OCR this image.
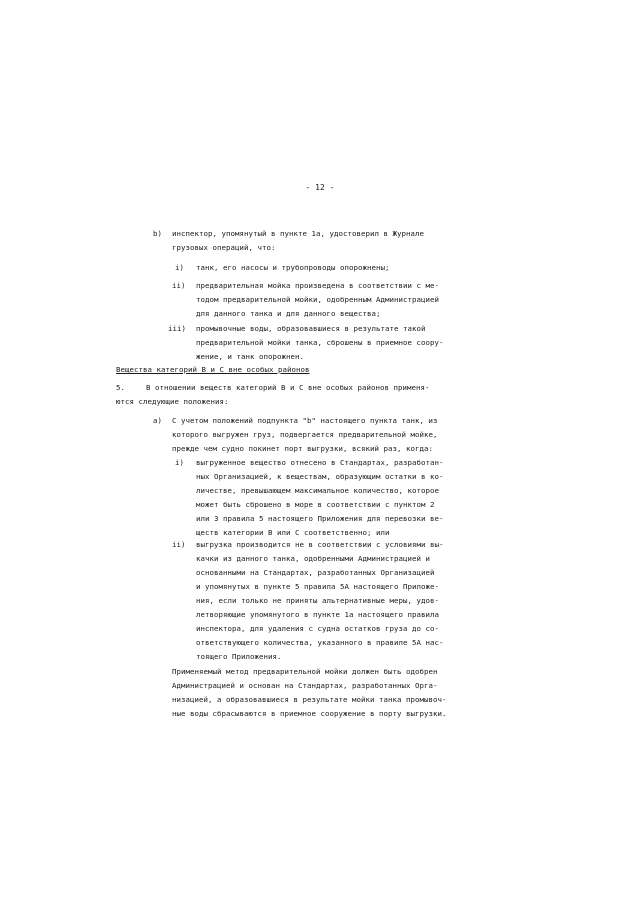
- 12 -
b) инспектор, упомянутый в пункте 1а, удостоверил в Журнале
грузовых операций, что:
i) танк, его насосы и трубопроводы опорожнены;
ii) предварительная мойка произведена в соответствии с ме-
тодом предварительной мойки, одобренным Администрацией
для данного танка и для данного вещества;
iii) промывочные воды, образовавшиеся в результате такой
предварительной мойки танка, сброшены в приемное соору-
жение, и танк опорожнен.
Вещества категорий B и C вне особых районов
5.	В отношении веществ категорий B и C вне особых районов применя-
ются следующие положения:
a) С учетом положений подпункта "b" настоящего пункта танк, из
которого выгружен груз, подвергается предварительной мойке,
прежде чем судно покинет порт выгрузки, всякий раз, когда:
i) выгруженное вещество отнесено в Стандартах, разработан-
ных Организацией, к веществам, образующим остатки в ко-
личестве, превышающем максимальное количество, которое
может быть сброшено в море в соответствии с пунктом 2
или 3 правила 5 настоящего Приложения для перевозки ве-
ществ категории B или C соответственно; или
ii) выгрузка производится не в соответствии с условиями вы-
качки из данного танка, одобренными Администрацией и
основанными на Стандартах, разработанных Организацией
и упомянутых в пункте 5 правила 5А настоящего Приложе-
ния, если только не приняты альтернативные меры, удов-
летворяющие упомянутого в пункте 1а настоящего правила
инспектора, для удаления с судна остатков груза до со-
ответствующего количества, указанного в правиле 5А нас-
тоящего Приложения.
Применяемый метод предварительной мойки должен быть одобрен
Администрацией и основан на Стандартах, разработанных Орга-
низацией, а образовавшиеся в результате мойки танка промывоч-
ные воды сбрасываются в приемное сооружение в порту выгрузки.
